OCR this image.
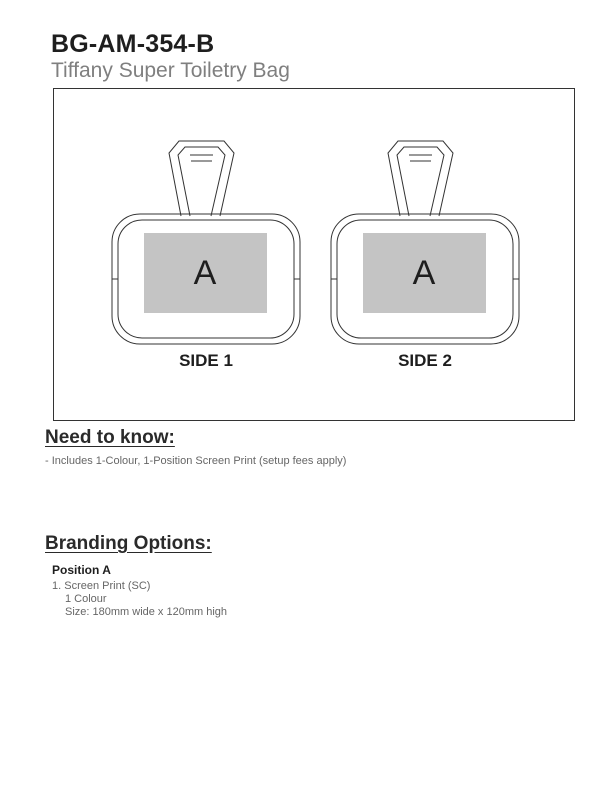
BG-AM-354-B
Tiffany Super Toiletry Bag
A	A
SIDE 1	SIDE 2
Need to know:
- Includes 1-Colour, 1-Position Screen Print (setup fees apply)
Branding Options:
Position A
1. Screen Print (SC)
1 Colour
Size: 180mm wide x 120mm high
